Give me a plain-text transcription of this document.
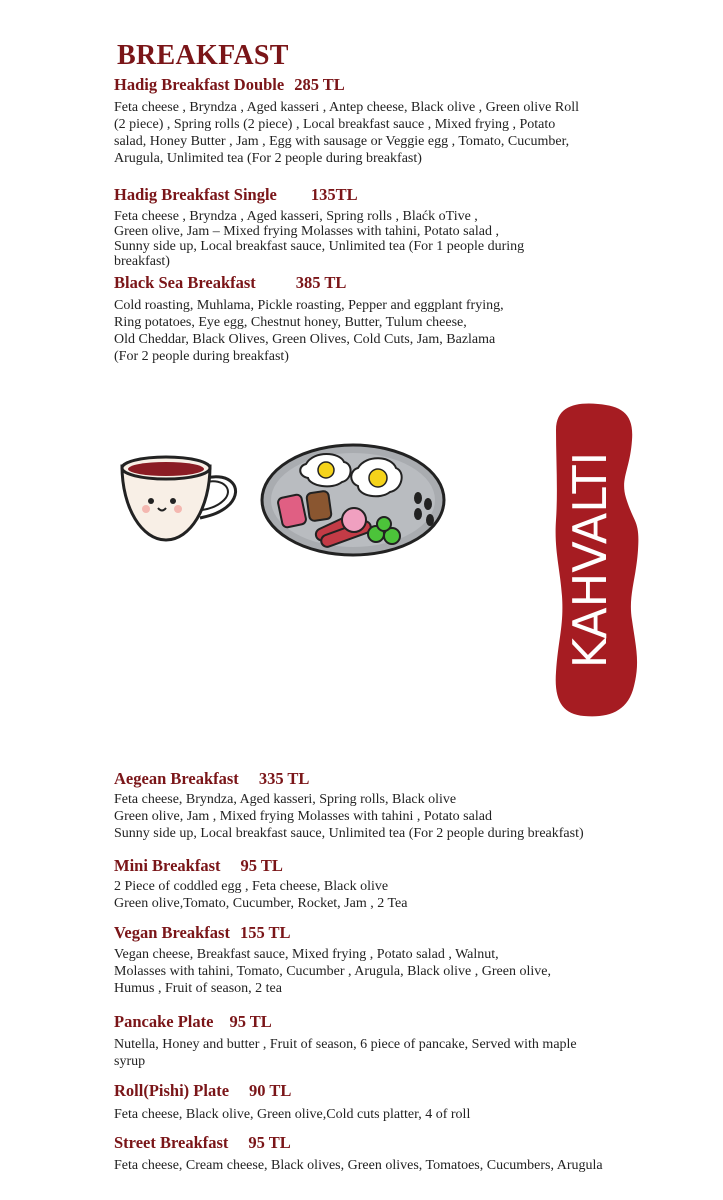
BREAKFAST
Hadig Breakfast Double 285 TL
Feta cheese , Bryndza , Aged kasseri , Antep cheese, Black olive , Green olive Roll
(2 piece) , Spring rolls (2 piece) , Local breakfast sauce , Mixed frying , Potato
salad, Honey Butter , Jam , Egg with sausage or Veggie egg , Tomato, Cucumber,
Arugula, Unlimited tea (For 2 people during breakfast)
Hadig Breakfast Single 135TL
Feta cheese , Bryndza , Aged kasseri, Spring rolls , Blaćk oTive ,
Green olive, Jam – Mixed frying Molasses with tahini, Potato salad ,
Sunny side up, Local breakfast sauce, Unlimited tea (For 1 people during
breakfast)
Black Sea Breakfast 385 TL
Cold roasting, Muhlama, Pickle roasting, Pepper and eggplant frying,
Ring potatoes, Eye egg, Chestnut honey, Butter, Tulum cheese,
Old Cheddar, Black Olives, Green Olives, Cold Cuts, Jam, Bazlama
(For 2 people during breakfast)
KAHVALTI
Aegean Breakfast 335 TL
Feta cheese, Bryndza, Aged kasseri, Spring rolls, Black olive
Green olive, Jam , Mixed frying Molasses with tahini , Potato salad
Sunny side up, Local breakfast sauce, Unlimited tea (For 2 people during breakfast)
Mini Breakfast 95 TL
2 Piece of coddled egg , Feta cheese, Black olive
Green olive,Tomato, Cucumber, Rocket, Jam , 2 Tea
Vegan Breakfast 155 TL
Vegan cheese, Breakfast sauce, Mixed frying , Potato salad , Walnut,
Molasses with tahini, Tomato, Cucumber , Arugula, Black olive , Green olive,
Humus , Fruit of season, 2 tea
Pancake Plate 95 TL
Nutella, Honey and butter , Fruit of season, 6 piece of pancake, Served with maple
syrup
Roll(Pishi) Plate 90 TL
Feta cheese, Black olive, Green olive,Cold cuts platter, 4 of roll
Street Breakfast 95 TL
Feta cheese, Cream cheese, Black olives, Green olives, Tomatoes, Cucumbers, Arugula
